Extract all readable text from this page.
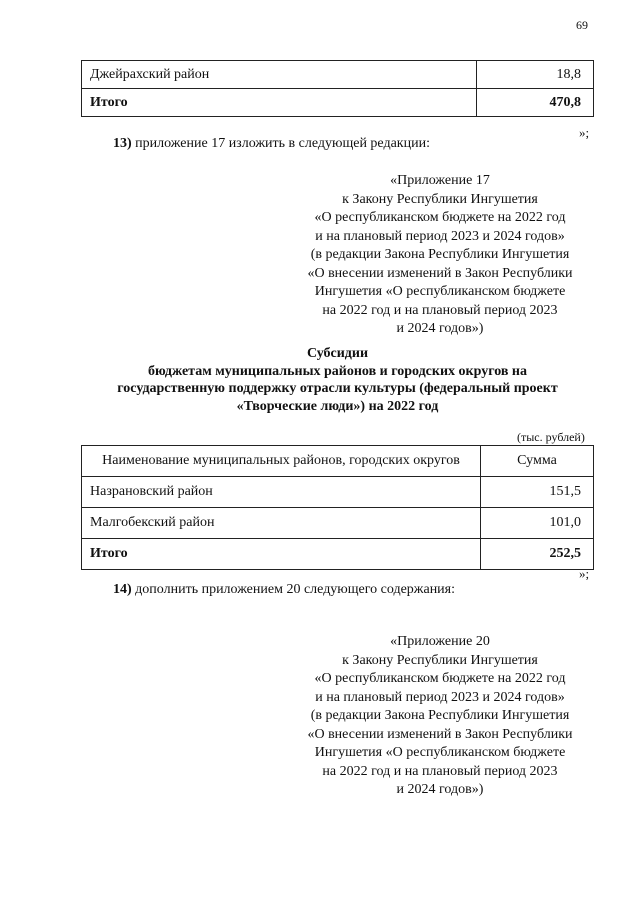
69
Джейрахский район	18,8
Итого	470,8
»;
13) приложение 17 изложить в следующей редакции:
«Приложение 17
к Закону Республики Ингушетия
«О республиканском бюджете на 2022 год
и на плановый период 2023 и 2024 годов»
(в редакции Закона Республики Ингушетия
«О внесении изменений в Закон Республики
Ингушетия «О республиканском бюджете
на 2022 год и на плановый период 2023
и 2024 годов»)
Субсидии
бюджетам муниципальных районов и городских округов на
государственную поддержку отрасли культуры (федеральный проект
«Творческие люди») на 2022 год
(тыс. рублей)
Наименование муниципальных районов, городских округов	Сумма
Назрановский район	151,5
Малгобекский район	101,0
Итого	252,5
»;
14) дополнить приложением 20 следующего содержания:
«Приложение 20
к Закону Республики Ингушетия
«О республиканском бюджете на 2022 год
и на плановый период 2023 и 2024 годов»
(в редакции Закона Республики Ингушетия
«О внесении изменений в Закон Республики
Ингушетия «О республиканском бюджете
на 2022 год и на плановый период 2023
и 2024 годов»)
